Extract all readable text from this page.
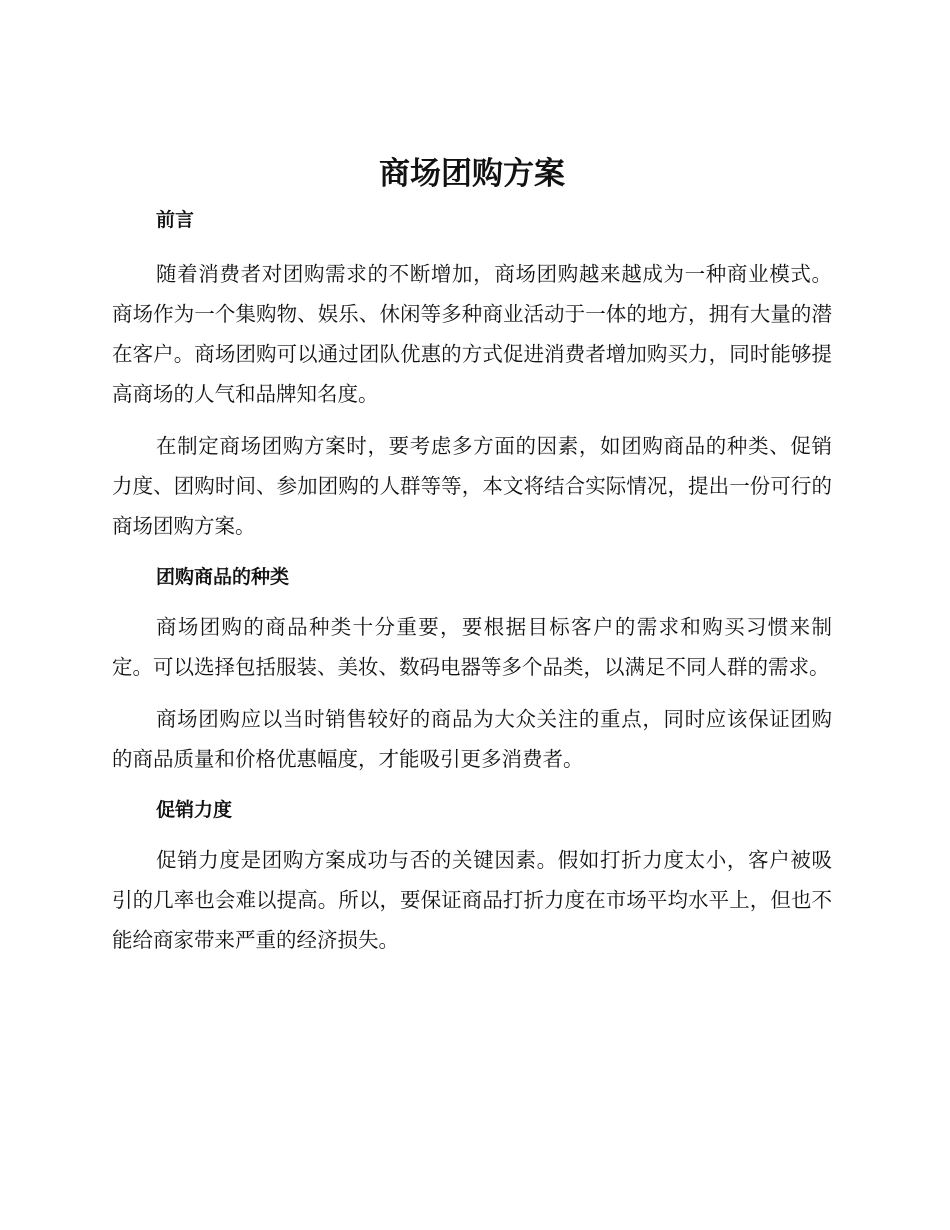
商场团购方案
前言

随着消费者对团购需求的不断增加，商场团购越来越成为一种商业模式。商场作为一个集购物、娱乐、休闲等多种商业活动于一体的地方，拥有大量的潜在客户。商场团购可以通过团队优惠的方式促进消费者增加购买力，同时能够提高商场的人气和品牌知名度。

在制定商场团购方案时，要考虑多方面的因素，如团购商品的种类、促销力度、团购时间、参加团购的人群等等，本文将结合实际情况，提出一份可行的商场团购方案。

团购商品的种类

商场团购的商品种类十分重要，要根据目标客户的需求和购买习惯来制定。可以选择包括服装、美妆、数码电器等多个品类，以满足不同人群的需求。

商场团购应以当时销售较好的商品为大众关注的重点，同时应该保证团购的商品质量和价格优惠幅度，才能吸引更多消费者。

促销力度

促销力度是团购方案成功与否的关键因素。假如打折力度太小，客户被吸引的几率也会难以提高。所以，要保证商品打折力度在市场平均水平上，但也不能给商家带来严重的经济损失。
